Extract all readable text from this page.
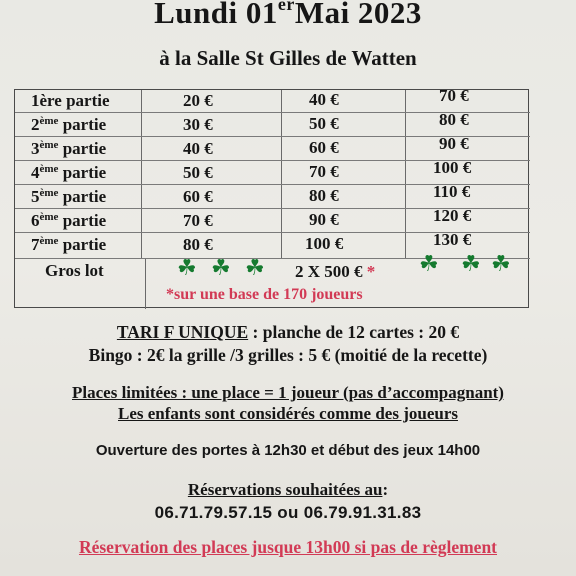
Lundi 01erMai 2023
à la Salle St Gilles de Watten
1ère partie
2ème partie
3ème partie
4ème partie
5ème partie
6ème partie
7ème partie
20 €
30 €
40 €
50 €
60 €
70 €
80 €
40 €
50 €
60 €
70 €
80 €
90 €
100 €
70 €
80 €
90 €
100 €
110 €
120 €
130 €
Gros lot	☘ ☘ ☘ 2 X 500 € * ☘ ☘ ☘
*sur une base de 170 joueurs
TARI F UNIQUE : planche de 12 cartes : 20 €
Bingo : 2€ la grille /3 grilles : 5 € (moitié de la recette)
Places limitées : une place = 1 joueur (pas d’accompagnant)
Les enfants sont considérés comme des joueurs
Ouverture des portes à 12h30 et début des jeux 14h00
Réservations souhaitées au:
06.71.79.57.15 ou 06.79.91.31.83
Réservation des places jusque 13h00 si pas de règlement
